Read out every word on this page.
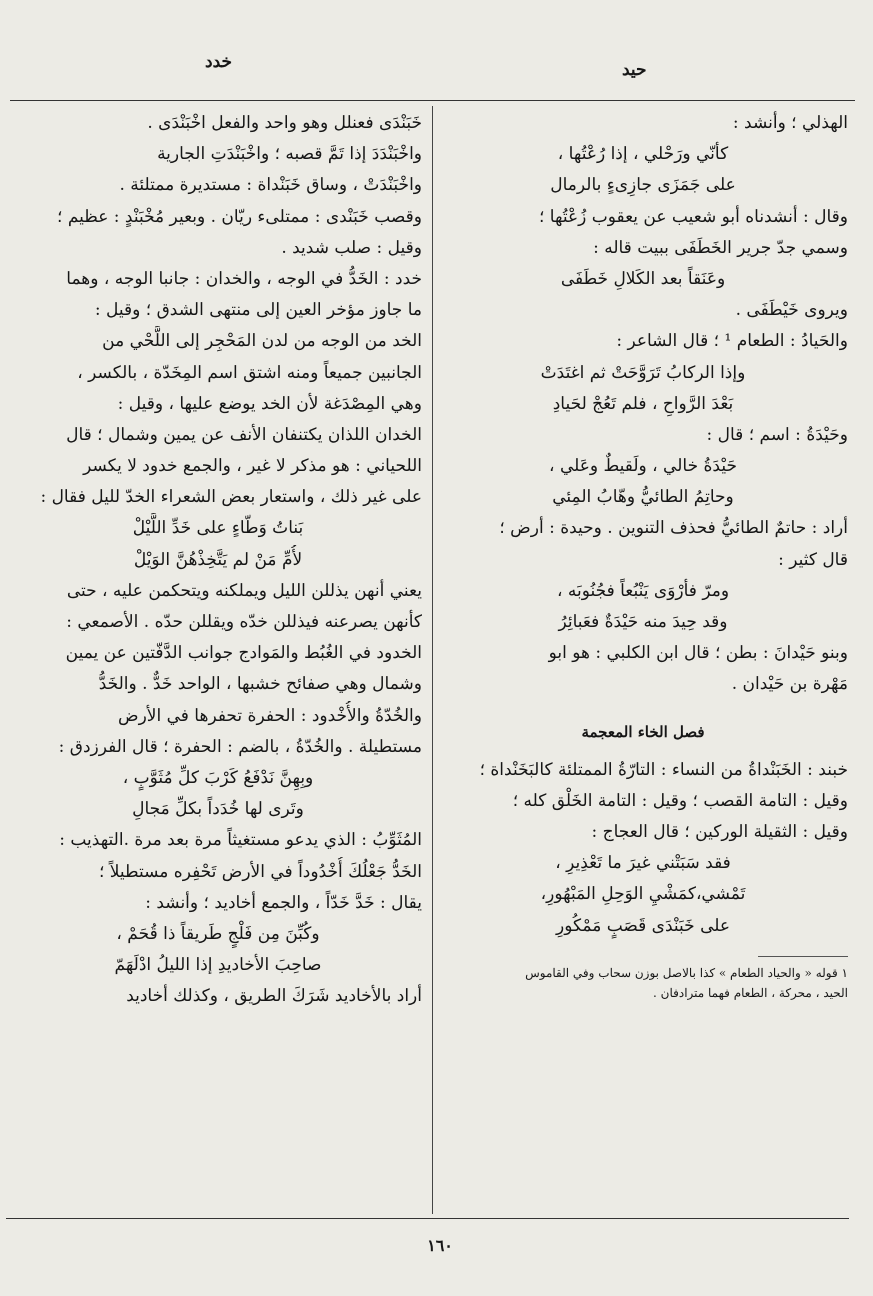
حيد
خدد
الهذلي ؛ وأنشد :
كأنّي ورَحْلي ، إذا رُعْتُها ،
على جَمَزَى جازِىءٍ بالرمال
وقال : أنشدناه أبو شعيب عن يعقوب زُعْتُها ؛
وسمي جدّ جرير الخَطَفَى ببيت قاله :
وعَنَقاً بعد الكَلالِ خَطَفَى
ويروى خَيْطَفَى .
والحَيادُ : الطعام ¹ ؛ قال الشاعر :
وإذا الركابُ تَرَوَّحَتْ ثم اغتَدَتْ
بَعْدَ الرَّواحِ ، فلم تَعُجْ لحَيادِ
وحَيْدَةُ : اسم ؛ قال :
حَيْدَةُ خالي ، ولَقيطٌ وعَلي ،
وحاتِمُ الطائيُّ وهّابُ المِئي
أراد : حاتمٌ الطائيُّ فحذف التنوين . وحيدة : أرض ؛
قال كثير :
ومرّ فأرْوَى يَنْبُعاً فجُنُوبَه ،
وقد حِيدَ منه حَيْدَةٌ فعَبائِرُ
وبنو حَيْدانَ : بطن ؛ قال ابن الكلبي : هو ابو
مَهْرة بن حَيْدان .
فصل الخاء المعجمة
خبند : الخَبَنْداةُ من النساء : التارّةُ الممتلئة كالبَخَنْداة ؛
وقيل : التامة القصب ؛ وقيل : التامة الخَلْق كله ؛
وقيل : الثقيلة الوركين ؛ قال العجاج :
فقد سَبَتْني غيرَ ما تَعْذِيرِ ،
تَمْشي،كمَشْيِ الوَحِلِ المَبْهُورِ،
على خَبَنْدَى قَصَبٍ مَمْكُورِ
١ قوله « والحياد الطعام » كذا بالاصل بوزن سحاب وفي القاموس
الحيد ، محركة ، الطعام فهما مترادفان .
خَبَنْدَى فعنلل وهو واحد والفعل اخْبَنْدَى .
واخْبَنْدَدَ إذا تَمَّ قصبه ؛ واخْبَنْدَتِ الجارية
واخْبَنْدَتْ ، وساق خَبَنْداة : مستديرة ممتلئة .
وقصب خَبَنْدى : ممتلىء ريّان . وبعير مُخْبَنْدٍ : عظيم ؛
وقيل : صلب شديد .
خدد : الخَدُّ في الوجه ، والخدان : جانبا الوجه ، وهما
ما جاوز مؤخر العين إلى منتهى الشدق ؛ وقيل :
الخد من الوجه من لدن المَحْجِر إلى اللَّحْي من
الجانبين جميعاً ومنه اشتق اسم المِخَدّة ، بالكسر ،
وهي المِصْدَغة لأن الخد يوضع عليها ، وقيل :
الخدان اللذان يكتنفان الأنف عن يمين وشمال ؛ قال
اللحياني : هو مذكر لا غير ، والجمع خدود لا يكسر
على غير ذلك ، واستعار بعض الشعراء الخدّ لليل فقال :
بَناتُ وَطّاءٍ على خَدِّ اللَّيْلْ
لأُمِّ مَنْ لم يَتَّخِذْهُنَّ الوَيْلْ
يعني أنهن يذللن الليل ويملكنه ويتحكمن عليه ، حتى
كأنهن يصرعنه فيذللن خدّه ويقللن حدّه . الأصمعي :
الخدود في الغُبُط والمَوادج جوانب الدَّفّتين عن يمين
وشمال وهي صفائح خشبها ، الواحد خَدٌّ . والخَدُّ
والخُدّةُ والأُخْدود : الحفرة تحفرها في الأرض
مستطيلة . والخُدّةُ ، بالضم : الحفرة ؛ قال الفرزدق :
وبِهِنَّ نَدْفَعُ كَرْبَ كلِّ مُثَوَّبٍ ،
وتَرى لها خُدَداً بكلِّ مَجالِ
المُثَوِّبُ : الذي يدعو مستغيثاً مرة بعد مرة .التهذيب :
الخَدُّ جَعْلُكَ أُخْدُوداً في الأرض تَحْفِره مستطيلاً ؛
يقال : خَدَّ خَدّاً ، والجمع أخاديد ؛ وأنشد :
وكُبِّنَ مِن فَلْجٍ طَريقاً ذا قُحَمْ ،
صاحِبَ الأخاديدِ إذا الليلُ ادْلَهَمّ
أراد بالأخاديد شَرَكَ الطريق ، وكذلك أخاديد
١٦٠
